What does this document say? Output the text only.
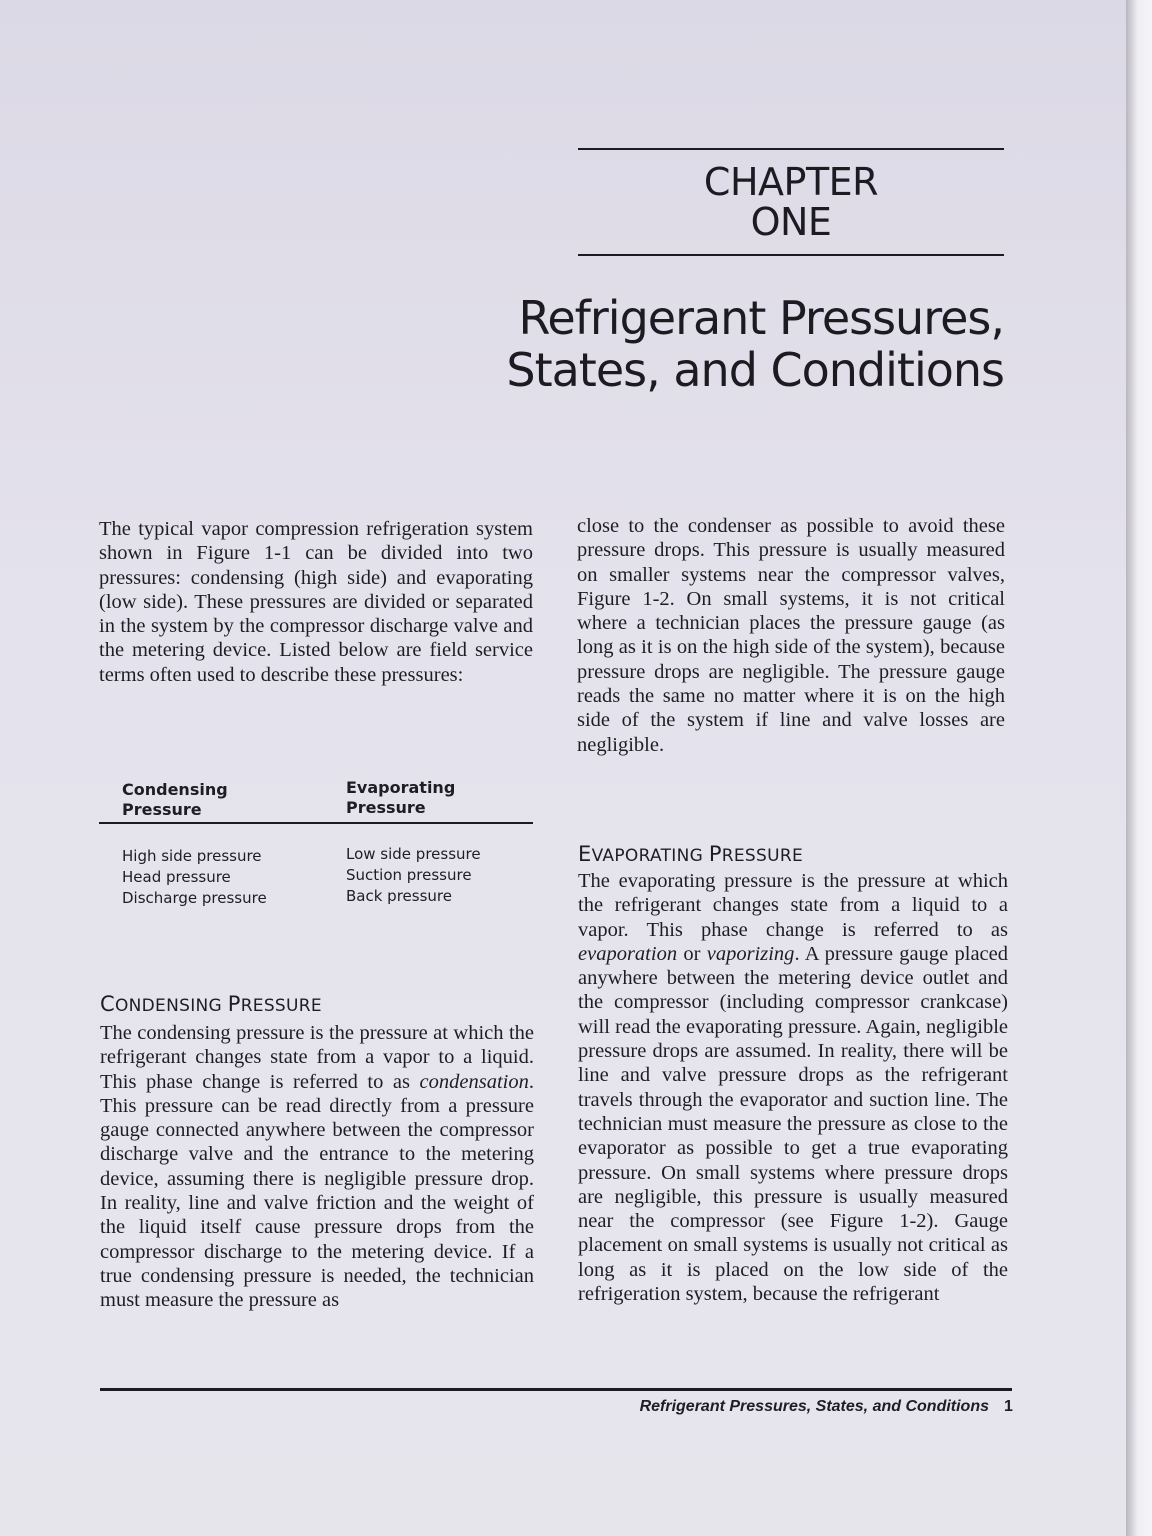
CHAPTER
ONE
Refrigerant Pressures,
States, and Conditions

The typical vapor compression refrigeration system shown in Figure 1-1 can be divided into two pressures: condensing (high side) and evaporating (low side). These pressures are divided or separated in the system by the compressor discharge valve and the metering device. Listed below are field service terms often used to describe these pressures:

Condensing
Pressure
Evaporating
Pressure
High side pressure
Head pressure
Discharge pressure
Low side pressure
Suction pressure
Back pressure
CONDENSING PRESSURE

The condensing pressure is the pressure at which the refrigerant changes state from a vapor to a liquid. This phase change is referred to as condensation. This pressure can be read directly from a pressure gauge connected anywhere between the compressor discharge valve and the entrance to the metering device, assuming there is negligible pressure drop. In reality, line and valve friction and the weight of the liquid itself cause pressure drops from the compressor discharge to the metering device. If a true condensing pressure is needed, the technician must measure the pressure as

close to the condenser as possible to avoid these pressure drops. This pressure is usually measured on smaller systems near the compressor valves, Figure 1-2. On small systems, it is not critical where a technician places the pressure gauge (as long as it is on the high side of the system), because pressure drops are negligible. The pressure gauge reads the same no matter where it is on the high side of the system if line and valve losses are negligible.

EVAPORATING PRESSURE

The evaporating pressure is the pressure at which the refrigerant changes state from a liquid to a vapor. This phase change is referred to as evaporation or vaporizing. A pressure gauge placed anywhere between the metering device outlet and the compressor (including compressor crankcase) will read the evaporating pressure. Again, negligible pressure drops are assumed. In reality, there will be line and valve pressure drops as the refrigerant travels through the evaporator and suction line. The technician must measure the pressure as close to the evaporator as possible to get a true evaporating pressure. On small systems where pressure drops are negligible, this pressure is usually measured near the compressor (see Figure 1-2). Gauge placement on small systems is usually not critical as long as it is placed on the low side of the refrigeration system, because the refrigerant

Refrigerant Pressures, States, and Conditions 1
